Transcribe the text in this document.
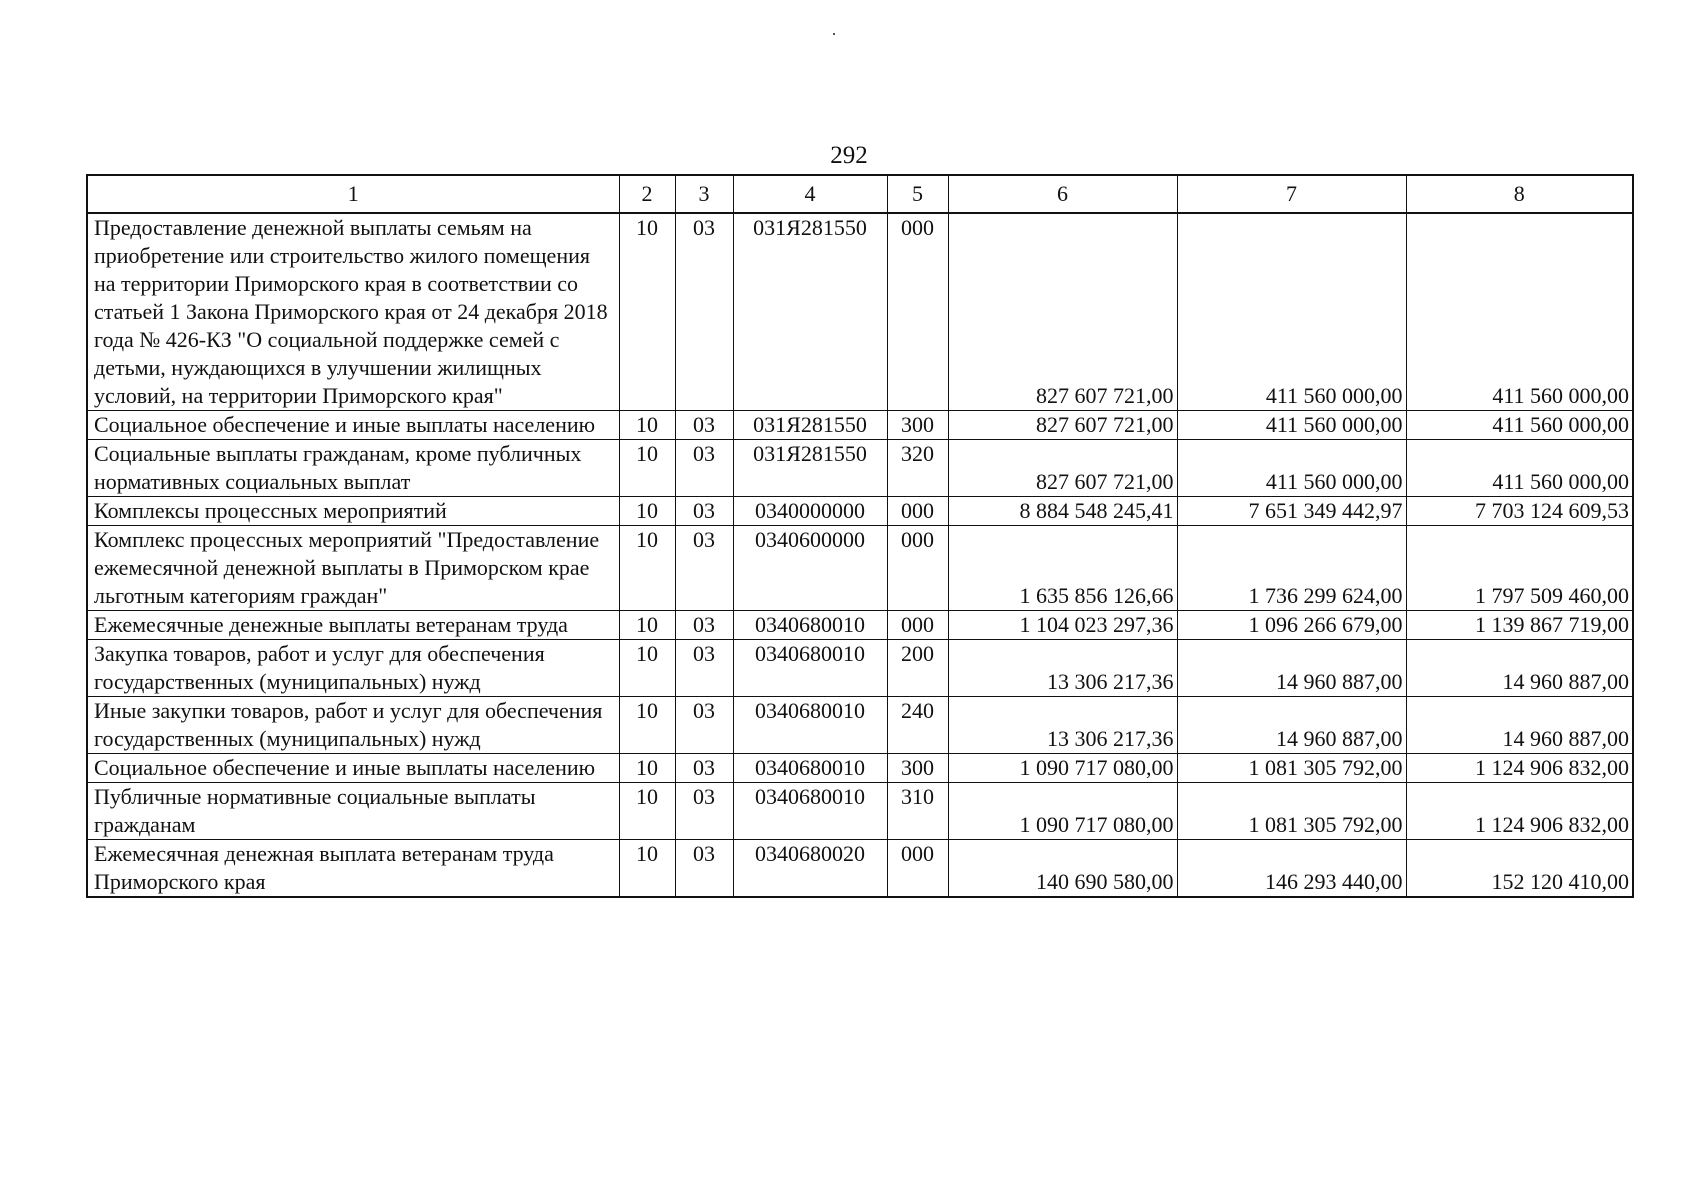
292
1	2	3	4	5	6	7	8
Предоставление денежной выплаты семьям на приобретение или строительство жилого помещения на территории Приморского края в соответствии со статьей 1 Закона Приморского края от 24 декабря 2018 года № 426-КЗ "О социальной поддержке семей с детьми, нуждающихся в улучшении жилищных условий, на территории Приморского края"	10	03	031Я281550	000	827 607 721,00	411 560 000,00	411 560 000,00
Социальное обеспечение и иные выплаты населению	10	03	031Я281550	300	827 607 721,00	411 560 000,00	411 560 000,00
Социальные выплаты гражданам, кроме публичных нормативных социальных выплат	10	03	031Я281550	320	827 607 721,00	411 560 000,00	411 560 000,00
Комплексы процессных мероприятий	10	03	0340000000	000	8 884 548 245,41	7 651 349 442,97	7 703 124 609,53
Комплекс процессных мероприятий "Предоставление ежемесячной денежной выплаты в Приморском крае льготным категориям граждан"	10	03	0340600000	000	1 635 856 126,66	1 736 299 624,00	1 797 509 460,00
Ежемесячные денежные выплаты ветеранам труда	10	03	0340680010	000	1 104 023 297,36	1 096 266 679,00	1 139 867 719,00
Закупка товаров, работ и услуг для обеспечения государственных (муниципальных) нужд	10	03	0340680010	200	13 306 217,36	14 960 887,00	14 960 887,00
Иные закупки товаров, работ и услуг для обеспечения государственных (муниципальных) нужд	10	03	0340680010	240	13 306 217,36	14 960 887,00	14 960 887,00
Социальное обеспечение и иные выплаты населению	10	03	0340680010	300	1 090 717 080,00	1 081 305 792,00	1 124 906 832,00
Публичные нормативные социальные выплаты гражданам	10	03	0340680010	310	1 090 717 080,00	1 081 305 792,00	1 124 906 832,00
Ежемесячная денежная выплата ветеранам труда Приморского края	10	03	0340680020	000	140 690 580,00	146 293 440,00	152 120 410,00
